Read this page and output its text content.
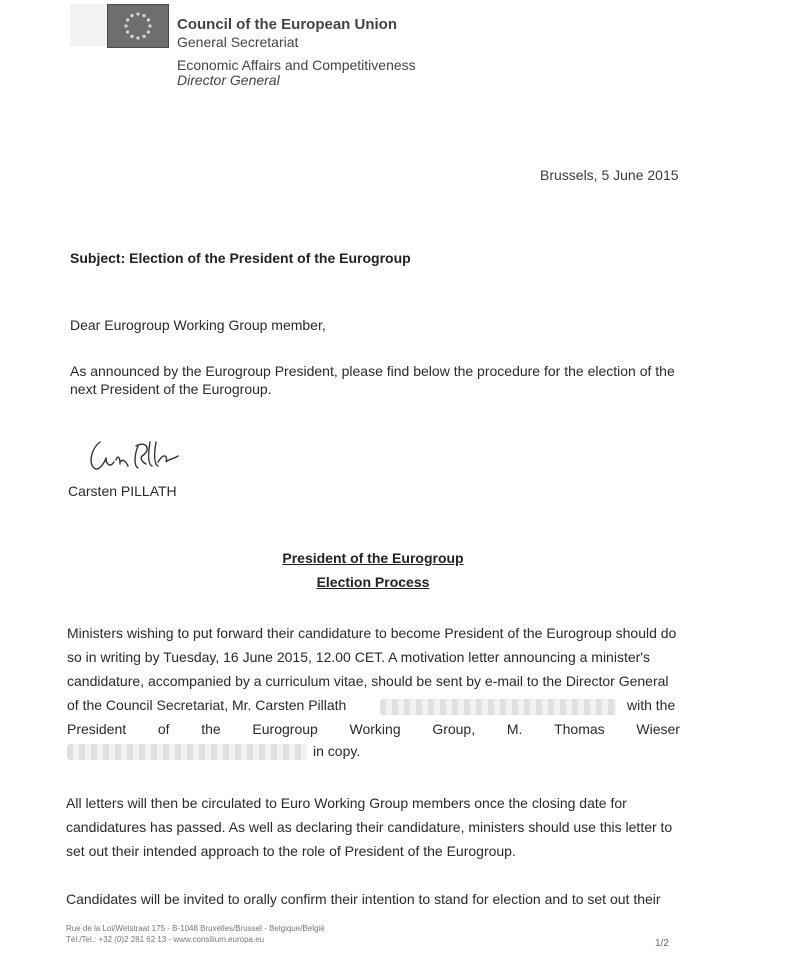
Council of the European Union
General Secretariat
Economic Affairs and Competitiveness
Director General
Brussels, 5 June 2015
Subject: Election of the President of the Eurogroup
Dear Eurogroup Working Group member,
As announced by the Eurogroup President, please find below the procedure for the election of the
next President of the Eurogroup.
Carsten PILLATH
President of the Eurogroup
Election Process
Ministers wishing to put forward their candidature to become President of the Eurogroup should do
so in writing by Tuesday, 16 June 2015, 12.00 CET. A motivation letter announcing a minister's
candidature, accompanied by a curriculum vitae, should be sent by e-mail to the Director General
of the Council Secretariat, Mr. Carsten Pillath	with the
President of the Eurogroup Working Group, M. Thomas Wieser
in copy.
All letters will then be circulated to Euro Working Group members once the closing date for
candidatures has passed. As well as declaring their candidature, ministers should use this letter to
set out their intended approach to the role of President of the Eurogroup.
Candidates will be invited to orally confirm their intention to stand for election and to set out their
Rue de la Loi/Wetstraat 175 - B-1048 Bruxelles/Brussel - Belgique/België
Tél./Tel.: +32 (0)2 281 62 13 - www.consilium.europa.eu	1/2
